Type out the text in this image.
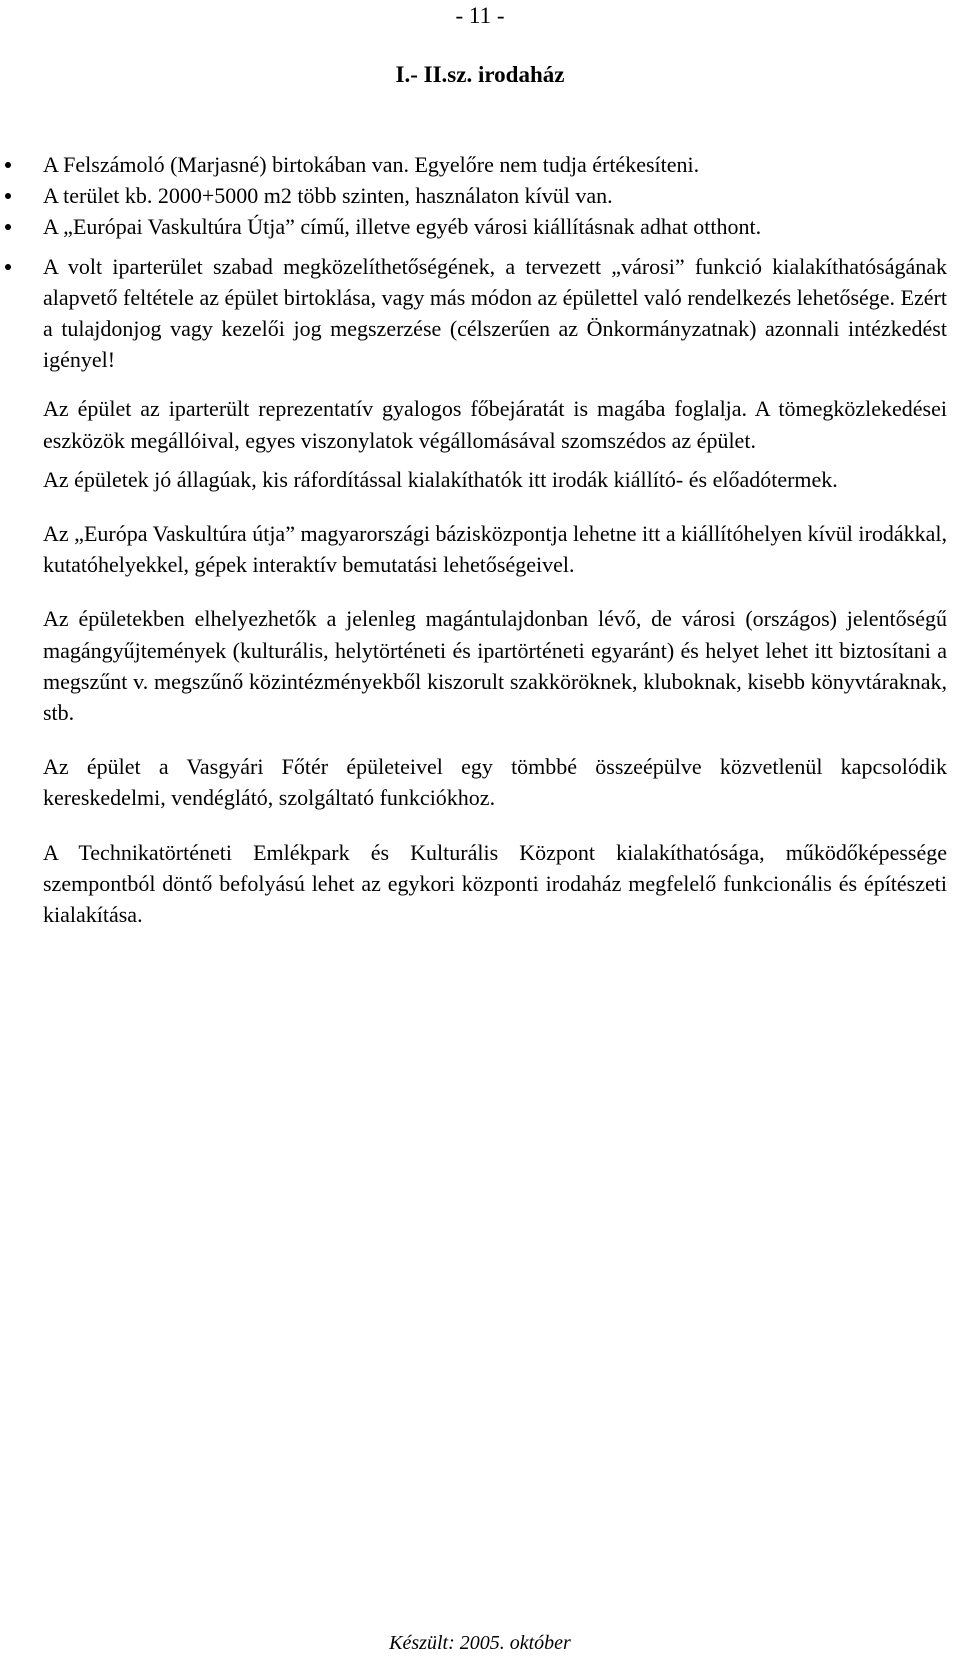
- 11 -
I.- II.sz. irodaház
A Felszámoló (Marjasné) birtokában van. Egyelőre nem tudja értékesíteni.
A terület kb. 2000+5000 m2 több szinten, használaton kívül van.
A „Európai Vaskultúra Útja” című, illetve egyéb városi kiállításnak adhat otthont.
A volt iparterület szabad megközelíthetőségének, a tervezett „városi” funkció kialakíthatóságának alapvető feltétele az épület birtoklása, vagy más módon az épülettel való rendelkezés lehetősége. Ezért a tulajdonjog vagy kezelői jog megszerzése (célszerűen az Önkormányzatnak) azonnali intézkedést igényel!

Az épület az iparterült reprezentatív gyalogos főbejáratát is magába foglalja. A tömegközlekedései eszközök megállóival, egyes viszonylatok végállomásával szomszédos az épület.

Az épületek jó állagúak, kis ráfordítással kialakíthatók itt irodák kiállító- és előadótermek.

Az „Európa Vaskultúra útja” magyarországi bázisközpontja lehetne itt a kiállítóhelyen kívül irodákkal, kutatóhelyekkel, gépek interaktív bemutatási lehetőségeivel.

Az épületekben elhelyezhetők a jelenleg magántulajdonban lévő, de városi (országos) jelentőségű magángyűjtemények (kulturális, helytörténeti és ipartörténeti egyaránt) és helyet lehet itt biztosítani a megszűnt v. megszűnő közintézményekből kiszorult szakköröknek, kluboknak, kisebb könyvtáraknak, stb.

Az épület a Vasgyári Főtér épületeivel egy tömbbé összeépülve közvetlenül kapcsolódik kereskedelmi, vendéglátó, szolgáltató funkciókhoz.

A Technikatörténeti Emlékpark és Kulturális Központ kialakíthatósága, működőképessége szempontból döntő befolyású lehet az egykori központi irodaház megfelelő funkcionális és építészeti kialakítása.

Készült: 2005. október
